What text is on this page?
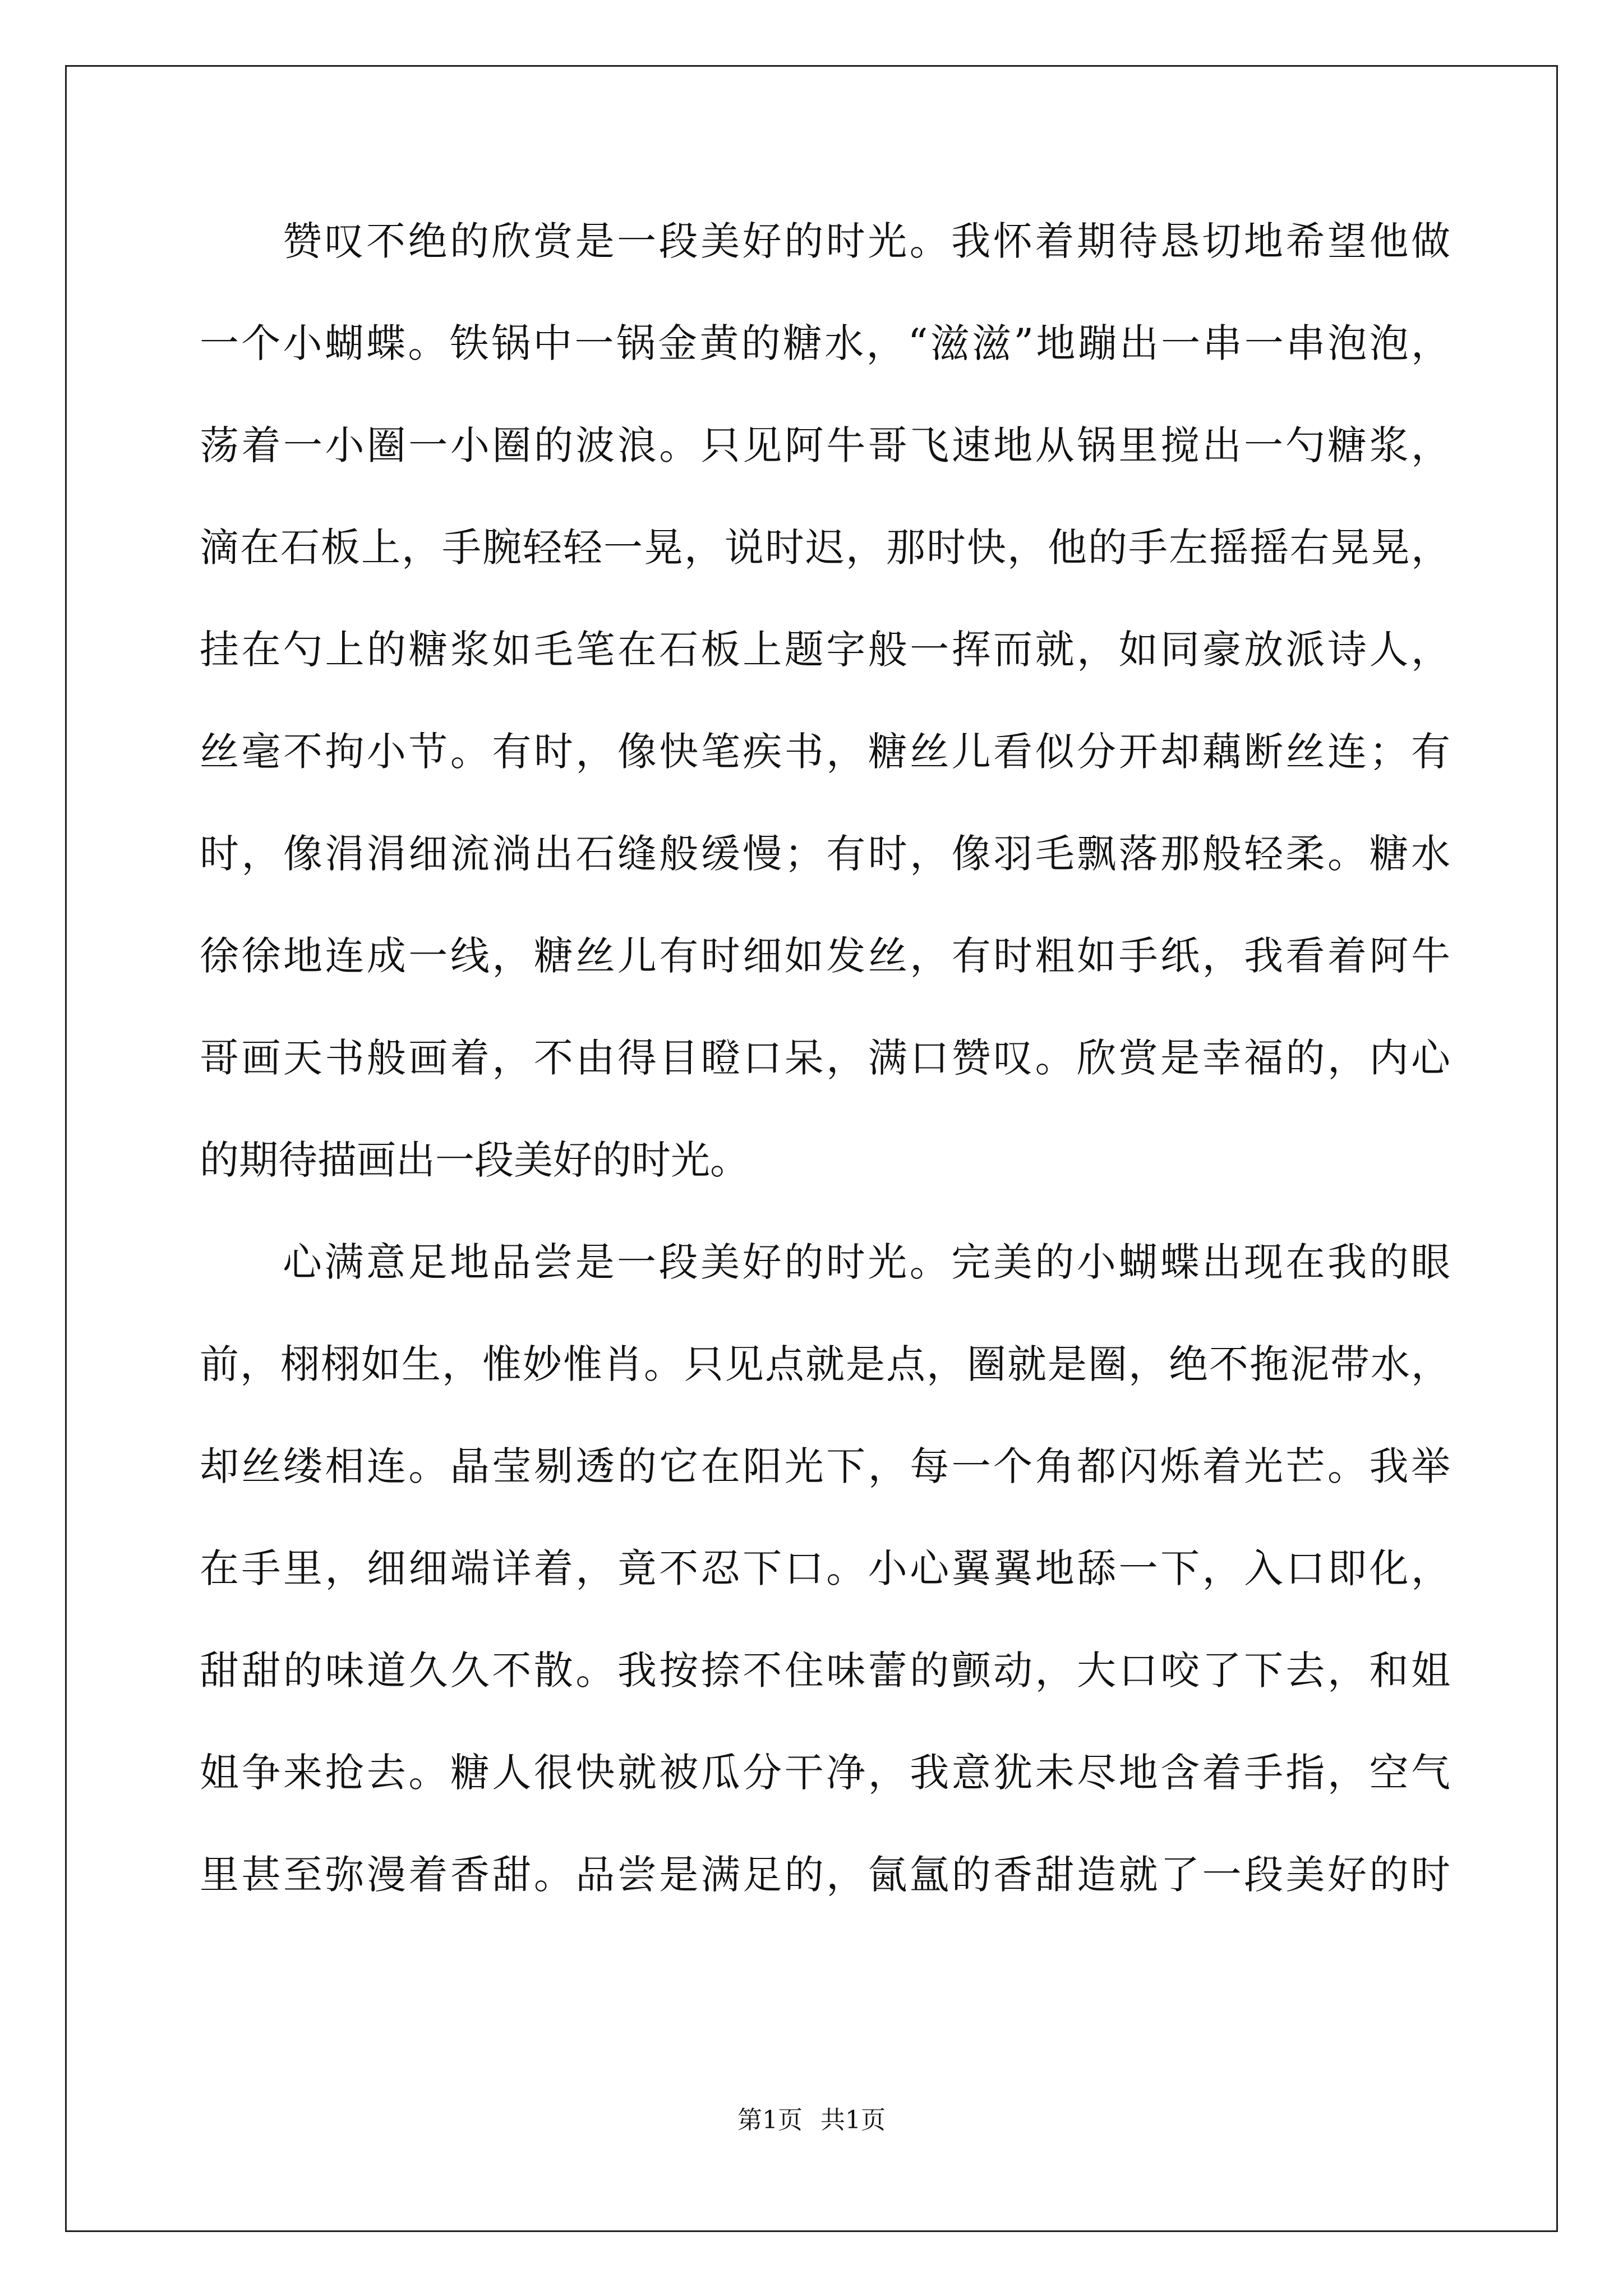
赞叹不绝的欣赏是一段美好的时光。我怀着期待恳切地希望他做
一个小蝴蝶。铁锅中一锅金黄的糖水，“滋滋”地蹦出一串一串泡泡，
荡着一小圈一小圈的波浪。只见阿牛哥飞速地从锅里搅出一勺糖浆，
滴在石板上，手腕轻轻一晃，说时迟，那时快，他的手左摇摇右晃晃，
挂在勺上的糖浆如毛笔在石板上题字般一挥而就，如同豪放派诗人，
丝毫不拘小节。有时，像快笔疾书，糖丝儿看似分开却藕断丝连；有
时，像涓涓细流淌出石缝般缓慢；有时，像羽毛飘落那般轻柔。糖水
徐徐地连成一线，糖丝儿有时细如发丝，有时粗如手纸，我看着阿牛
哥画天书般画着，不由得目瞪口呆，满口赞叹。欣赏是幸福的，内心
的期待描画出一段美好的时光。
心满意足地品尝是一段美好的时光。完美的小蝴蝶出现在我的眼
前，栩栩如生，惟妙惟肖。只见点就是点，圈就是圈，绝不拖泥带水，
却丝缕相连。晶莹剔透的它在阳光下，每一个角都闪烁着光芒。我举
在手里，细细端详着，竟不忍下口。小心翼翼地舔一下，入口即化，
甜甜的味道久久不散。我按捺不住味蕾的颤动，大口咬了下去，和姐
姐争来抢去。糖人很快就被瓜分干净，我意犹未尽地含着手指，空气
里甚至弥漫着香甜。品尝是满足的，氤氲的香甜造就了一段美好的时
第1页 共1页
